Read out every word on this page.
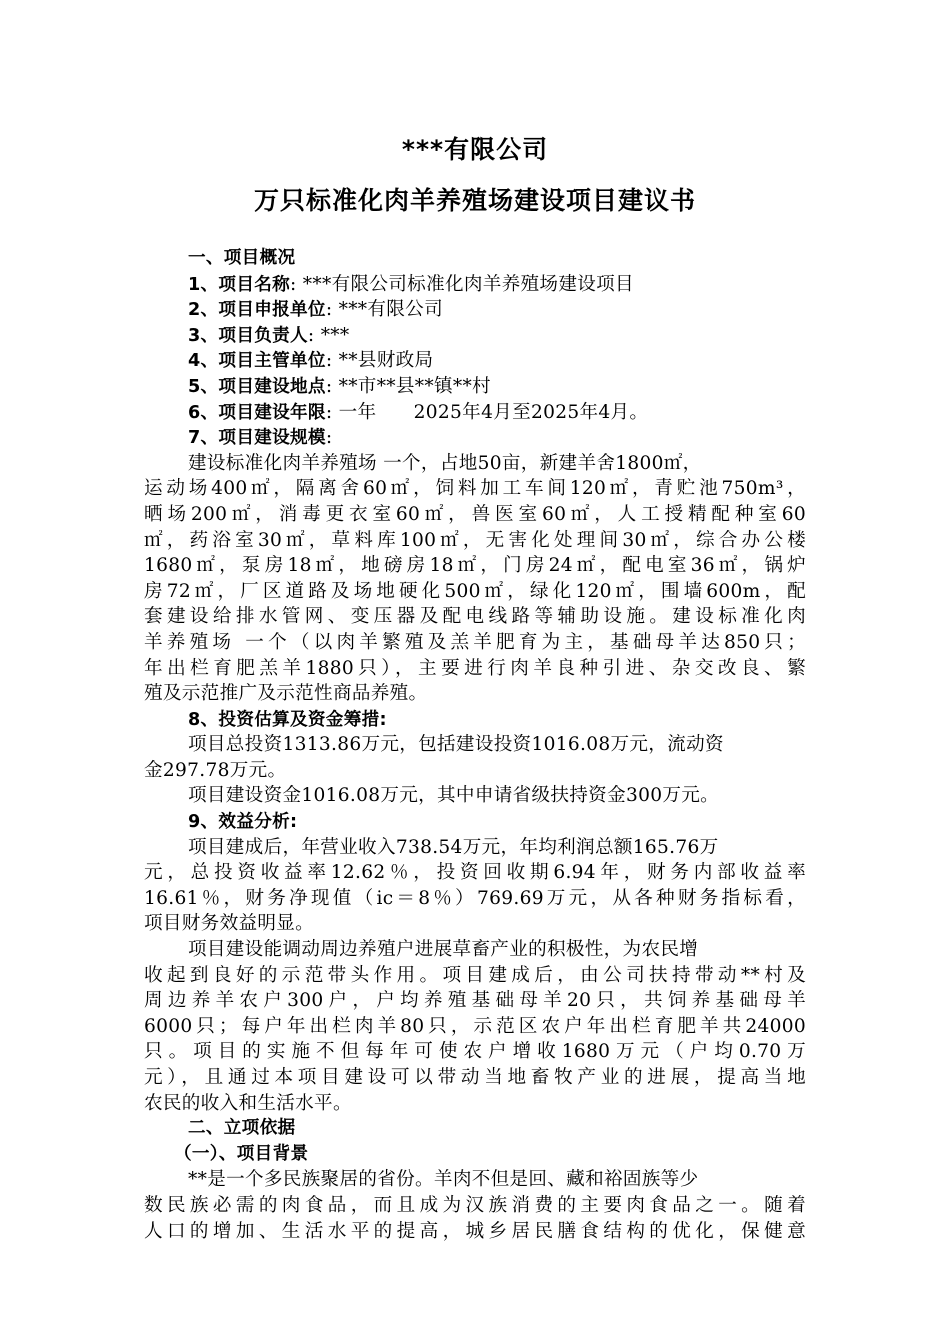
***有限公司
万只标准化肉羊养殖场建设项目建议书
一、项目概况
1、项目名称: ***有限公司标准化肉羊养殖场建设项目
2、项目申报单位: ***有限公司
3、项目负责人: ***
4、项目主管单位: **县财政局
5、项目建设地点: **市**县**镇**村
6、项目建设年限: 一年      2025年4月至2025年4月。
7、项目建设规模:
建设标准化肉羊养殖场 一个，占地50亩，新建羊舍1800㎡，
运动场400㎡，隔离舍60㎡，饲料加工车间120㎡，青贮池750m³，
晒场200㎡，消毒更衣室60㎡，兽医室60㎡，人工授精配种室60
㎡，药浴室30㎡，草料库100㎡，无害化处理间30㎡，综合办公楼
1680㎡，泵房18㎡，地磅房18㎡，门房24㎡，配电室36㎡，锅炉
房72㎡，厂区道路及场地硬化500㎡，绿化120㎡，围墙600m，配
套建设给排水管网、变压器及配电线路等辅助设施。建设标准化肉
羊养殖场 一个（以肉羊繁殖及羔羊肥育为主，基础母羊达850只；
年出栏育肥羔羊1880只），主要进行肉羊良种引进、杂交改良、繁
殖及示范推广及示范性商品养殖。
8、投资估算及资金筹措:
项目总投资1313.86万元，包括建设投资1016.08万元，流动资
金297.78万元。
项目建设资金1016.08万元，其中申请省级扶持资金300万元。
9、效益分析:
项目建成后，年营业收入738.54万元，年均利润总额165.76万
元，总投资收益率12.62％，投资回收期6.94年，财务内部收益率
16.61％，财务净现值（ic＝8％）769.69万元，从各种财务指标看，
项目财务效益明显。
项目建设能调动周边养殖户进展草畜产业的积极性，为农民增
收起到良好的示范带头作用。项目建成后，由公司扶持带动**村及
周边养羊农户300户，户均养殖基础母羊20只，共饲养基础母羊
6000只；每户年出栏肉羊80只，示范区农户年出栏育肥羊共24000
只。项目的实施不但每年可使农户增收1680万元（户均0.70万
元），且通过本项目建设可以带动当地畜牧产业的进展，提高当地
农民的收入和生活水平。
二、立项依据
（一）、项目背景
**是一个多民族聚居的省份。羊肉不但是回、藏和裕固族等少
数民族必需的肉食品，而且成为汉族消费的主要肉食品之一。随着
人口的增加、生活水平的提高，城乡居民膳食结构的优化，保健意
